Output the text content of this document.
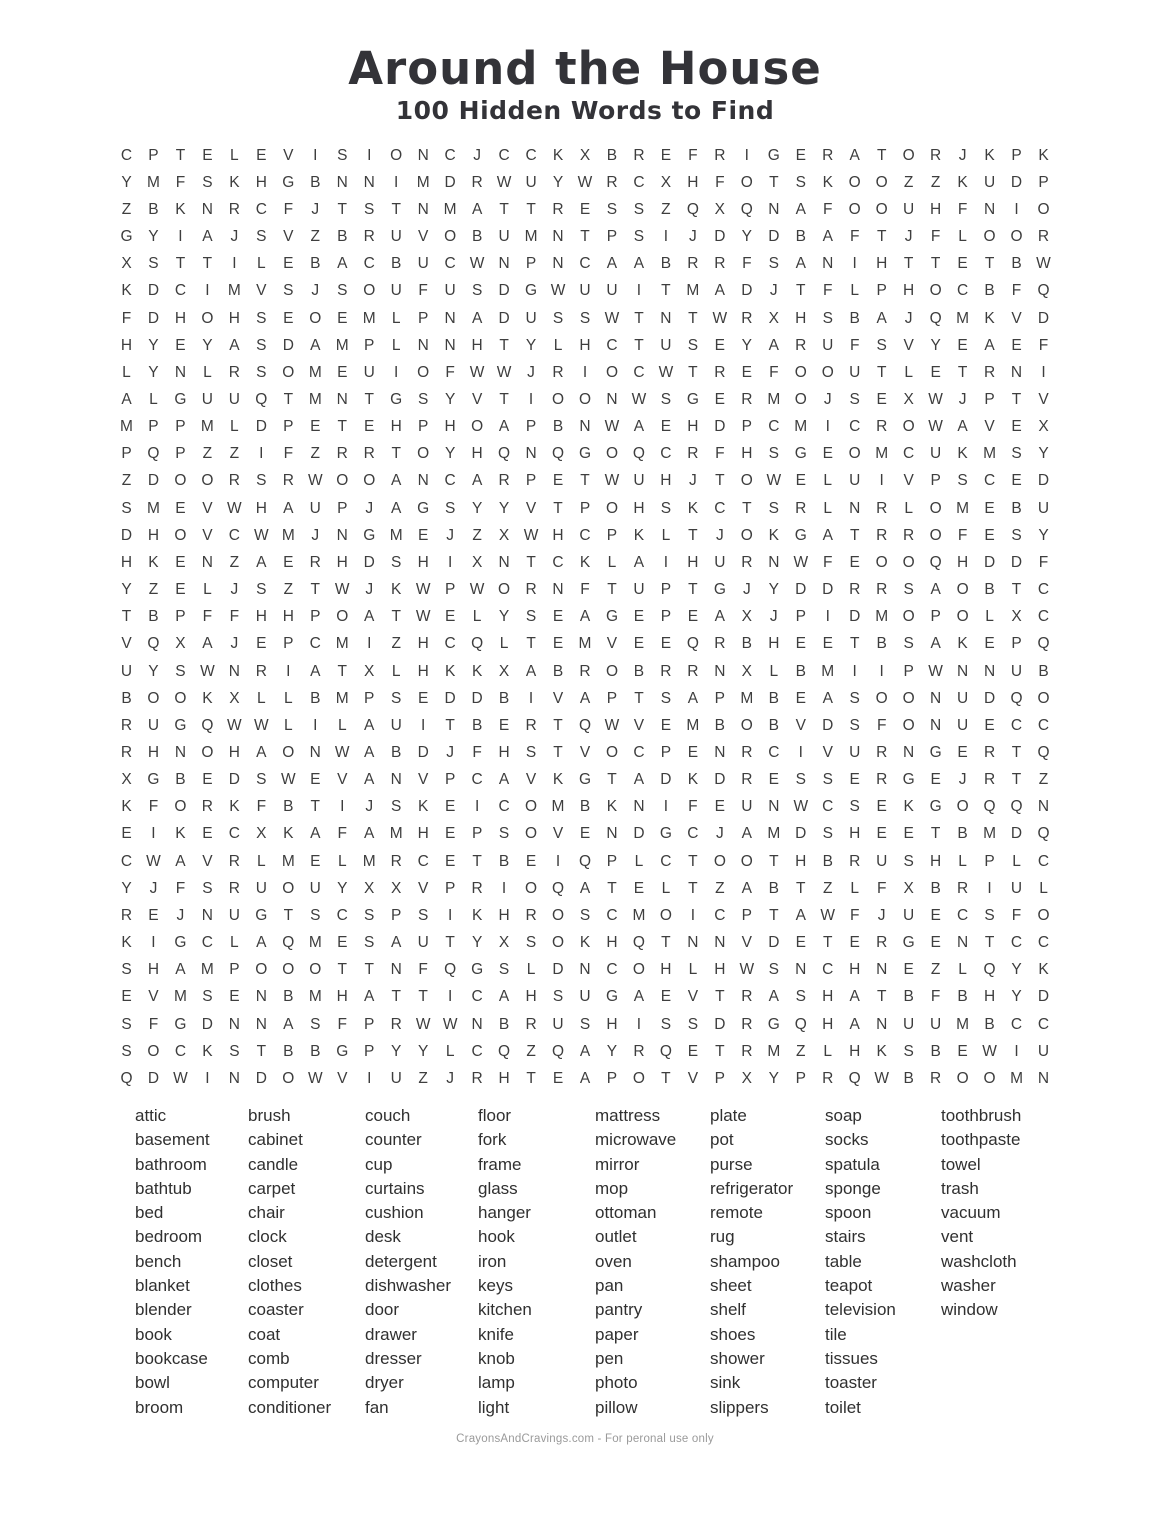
Around the House
100 Hidden Words to Find
C	P	T	E	L	E	V	I	S	I	O N	C	J	C	C	K	X	B	R	E	F	R	I	G	E	R	A	T	O R	J	K	P	K
Y M	F	S	K	H G	B	N	N	I	M D	R W U	Y W R	C	X	H	F	O	T	S	K	O O	Z	Z	K	U	D	P
Z	B	K	N	R	C	F	J	T	S	T	N M A	T	T	R	E	S	S	Z	Q	X	Q N	A	F	O O U	H	F	N	I	O
G	Y	I	A	J	S	V	Z	B	R	U	V	O	B	U M N	T	P	S	I	J	D	Y	D	B	A	F	T	J	F	L	O O R
X	S	T	T	I	L	E	B	A	C	B	U	C W N	P	N	C	A	A	B	R	R	F	S	A	N	I	H	T	T	E	T	B W
K	D	C	I	M V	S	J	S	O U	F	U	S	D G W U	U	I	T	M A	D	J	T	F	L	P	H O C	B	F	Q
F	D	H O H	S	E	O	E M	L	P	N	A	D	U	S	S W T	N	T W R	X	H	S	B	A	J	Q M K	V	D
H	Y	E	Y	A	S	D	A M P	L	N	N	H	T	Y	L	H	C	T	U	S	E	Y	A	R	U	F	S	V	Y	E	A	E	F
L	Y	N	L	R	S	O M E	U	I	O	F W W	J	R	I	O C W T	R	E	F	O O U	T	L	E	T	R	N	I
A	L	G U	U Q	T	M N	T	G	S	Y	V	T	I	O O N W S	G	E	R M O	J	S	E	X W	J	P	T	V
M P	P M	L	D	P	E	T	E	H	P	H O	A	P	B	N W A	E	H	D	P	C M	I	C	R O W A	V	E	X
P	Q	P	Z	Z	I	F	Z	R	R	T	O	Y	H Q N Q G O Q C	R	F	H	S	G	E	O M C	U	K M S	Y
Z	D O O R	S	R W O O	A	N	C	A	R	P	E	T W U	H	J	T	O W E	L	U	I	V	P	S	C	E	D
S M E	V W H	A	U	P	J	A	G	S	Y	Y	V	T	P	O H	S	K	C	T	S	R	L	N	R	L	O M E	B	U
D	H O	V	C W M	J	N G M E	J	Z	X W H	C	P	K	L	T	J	O	K	G	A	T	R	R O	F	E	S	Y
H	K	E	N	Z	A	E	R	H	D	S	H	I	X	N	T	C	K	L	A	I	H	U	R	N W F	E	O O Q H	D	D	F
Y	Z	E	L	J	S	Z	T W	J	K W P W O R	N	F	T	U	P	T	G	J	Y	D	D	R	R	S	A	O	B	T	C
T	B	P	F	F	H	H	P	O	A	T W E	L	Y	S	E	A	G	E	P	E	A	X	J	P	I	D M O	P	O	L	X	C
V	Q	X	A	J	E	P	C M	I	Z	H	C Q	L	T	E M V	E	E	Q R	B	H	E	E	T	B	S	A	K	E	P	Q
U	Y	S W N	R	I	A	T	X	L	H	K	K	X	A	B	R O	B	R	R	N	X	L	B M	I	I	P W N	N	U	B
B	O O	K	X	L	L	B M P	S	E	D	D	B	I	V	A	P	T	S	A	P M B	E	A	S	O O N	U	D Q O
R	U G Q W W L	I	L	A	U	I	T	B	E	R	T	Q W V	E M B	O	B	V	D	S	F	O N	U	E	C	C
R	H	N O H	A	O N W A	B	D	J	F	H	S	T	V	O C	P	E	N	R	C	I	V	U	R	N G	E	R	T	Q
X	G	B	E	D	S W E	V	A	N	V	P	C	A	V	K	G	T	A	D	K	D	R	E	S	S	E	R G	E	J	R	T	Z
K	F	O R	K	F	B	T	I	J	S	K	E	I	C O M B	K	N	I	F	E	U	N W C	S	E	K	G O Q Q N
E	I	K	E	C	X	K	A	F	A M H	E	P	S	O	V	E	N	D G C	J	A M D	S	H	E	E	T	B M D Q
C W A	V	R	L	M E	L	M R	C	E	T	B	E	I	Q	P	L	C	T	O O	T	H	B	R	U	S	H	L	P	L	C
Y	J	F	S	R	U O U	Y	X	X	V	P	R	I	O Q	A	T	E	L	T	Z	A	B	T	Z	L	F	X	B	R	I	U	L
R	E	J	N	U G	T	S	C	S	P	S	I	K	H	R O	S	C M O	I	C	P	T	A W F	J	U	E	C	S	F	O
K	I	G C	L	A	Q M E	S	A	U	T	Y	X	S	O	K	H Q	T	N	N	V	D	E	T	E	R G	E	N	T	C	C
S	H	A M P	O O O	T	T	N	F	Q G	S	L	D	N	C O H	L	H W S	N	C	H	N	E	Z	L	Q	Y	K
E	V M S	E	N	B M H	A	T	T	I	C	A	H	S	U G	A	E	V	T	R	A	S	H	A	T	B	F	B	H	Y	D
S	F	G D	N	N	A	S	F	P	R W W N	B	R	U	S	H	I	S	S	D	R G Q H	A	N	U	U M B	C	C
S	O C	K	S	T	B	B	G	P	Y	Y	L	C Q	Z	Q	A	Y	R Q	E	T	R M	Z	L	H	K	S	B	E W	I	U
Q D W	I	N	D O W V	I	U	Z	J	R	H	T	E	A	P	O	T	V	P	X	Y	P	R Q W B	R O O M N
attic
basement
bathroom
bathtub
bed
bedroom
bench
blanket
blender
book
bookcase
bowl
broom
brush
cabinet
candle
carpet
chair
clock
closet
clothes
coaster
coat
comb
computer
conditioner
couch
counter
cup
curtains
cushion
desk
detergent
dishwasher
door
drawer
dresser
dryer
fan
floor
fork
frame
glass
hanger
hook
iron
keys
kitchen
knife
knob
lamp
light
mattress
microwave
mirror
mop
ottoman
outlet
oven
pan
pantry
paper
pen
photo
pillow
plate
pot
purse
refrigerator
remote
rug
shampoo
sheet
shelf
shoes
shower
sink
slippers
soap
socks
spatula
sponge
spoon
stairs
table
teapot
television
tile
tissues
toaster
toilet
toothbrush
toothpaste
towel
trash
vacuum
vent
washcloth
washer
window
CrayonsAndCravings.com - For peronal use only
